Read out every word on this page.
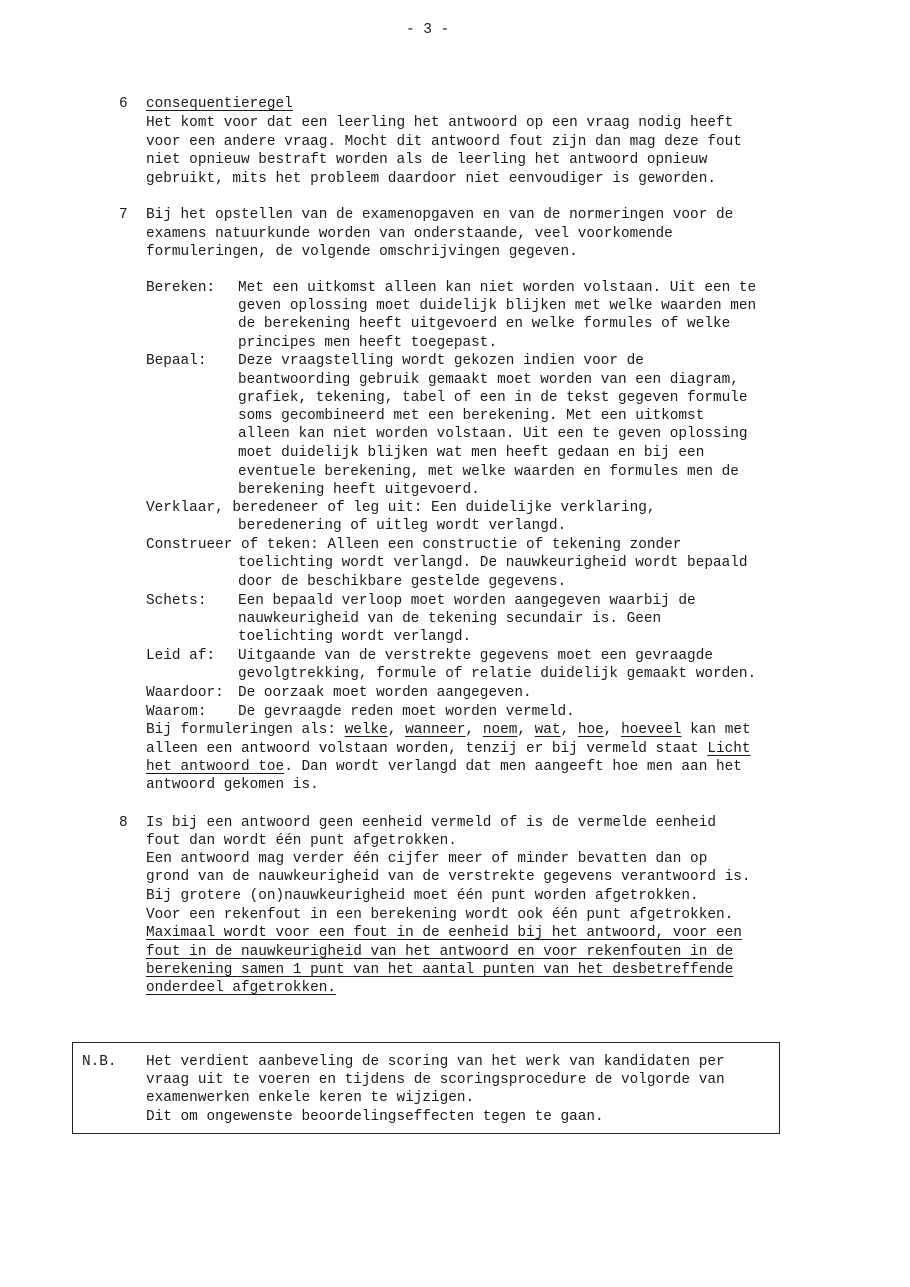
- 3 -
6 consequentieregel
Het komt voor dat een leerling het antwoord op een vraag nodig heeft
voor een andere vraag. Mocht dit antwoord fout zijn dan mag deze fout
niet opnieuw bestraft worden als de leerling het antwoord opnieuw
gebruikt, mits het probleem daardoor niet eenvoudiger is geworden.
7 Bij het opstellen van de examenopgaven en van de normeringen voor de
examens natuurkunde worden van onderstaande, veel voorkomende
formuleringen, de volgende omschrijvingen gegeven.
Bereken: Met een uitkomst alleen kan niet worden volstaan. Uit een te
geven oplossing moet duidelijk blijken met welke waarden men
de berekening heeft uitgevoerd en welke formules of welke
principes men heeft toegepast.
Bepaal: Deze vraagstelling wordt gekozen indien voor de
beantwoording gebruik gemaakt moet worden van een diagram,
grafiek, tekening, tabel of een in de tekst gegeven formule
soms gecombineerd met een berekening. Met een uitkomst
alleen kan niet worden volstaan. Uit een te geven oplossing
moet duidelijk blijken wat men heeft gedaan en bij een
eventuele berekening, met welke waarden en formules men de
berekening heeft uitgevoerd.
Verklaar, beredeneer of leg uit: Een duidelijke verklaring,
beredenering of uitleg wordt verlangd.
Construeer of teken: Alleen een constructie of tekening zonder
toelichting wordt verlangd. De nauwkeurigheid wordt bepaald
door de beschikbare gestelde gegevens.
Schets: Een bepaald verloop moet worden aangegeven waarbij de
nauwkeurigheid van de tekening secundair is. Geen
toelichting wordt verlangd.
Leid af: Uitgaande van de verstrekte gegevens moet een gevraagde
gevolgtrekking, formule of relatie duidelijk gemaakt worden.
Waardoor: De oorzaak moet worden aangegeven.
Waarom: De gevraagde reden moet worden vermeld.
Bij formuleringen als: welke, wanneer, noem, wat, hoe, hoeveel kan met
alleen een antwoord volstaan worden, tenzij er bij vermeld staat Licht
het antwoord toe. Dan wordt verlangd dat men aangeeft hoe men aan het
antwoord gekomen is.
8 Is bij een antwoord geen eenheid vermeld of is de vermelde eenheid
fout dan wordt één punt afgetrokken.
Een antwoord mag verder één cijfer meer of minder bevatten dan op
grond van de nauwkeurigheid van de verstrekte gegevens verantwoord is.
Bij grotere (on)nauwkeurigheid moet één punt worden afgetrokken.
Voor een rekenfout in een berekening wordt ook één punt afgetrokken.
Maximaal wordt voor een fout in de eenheid bij het antwoord, voor een
fout in de nauwkeurigheid van het antwoord en voor rekenfouten in de
berekening samen 1 punt van het aantal punten van het desbetreffende
onderdeel afgetrokken.
N.B. Het verdient aanbeveling de scoring van het werk van kandidaten per
vraag uit te voeren en tijdens de scoringsprocedure de volgorde van
examenwerken enkele keren te wijzigen.
Dit om ongewenste beoordelingseffecten tegen te gaan.
